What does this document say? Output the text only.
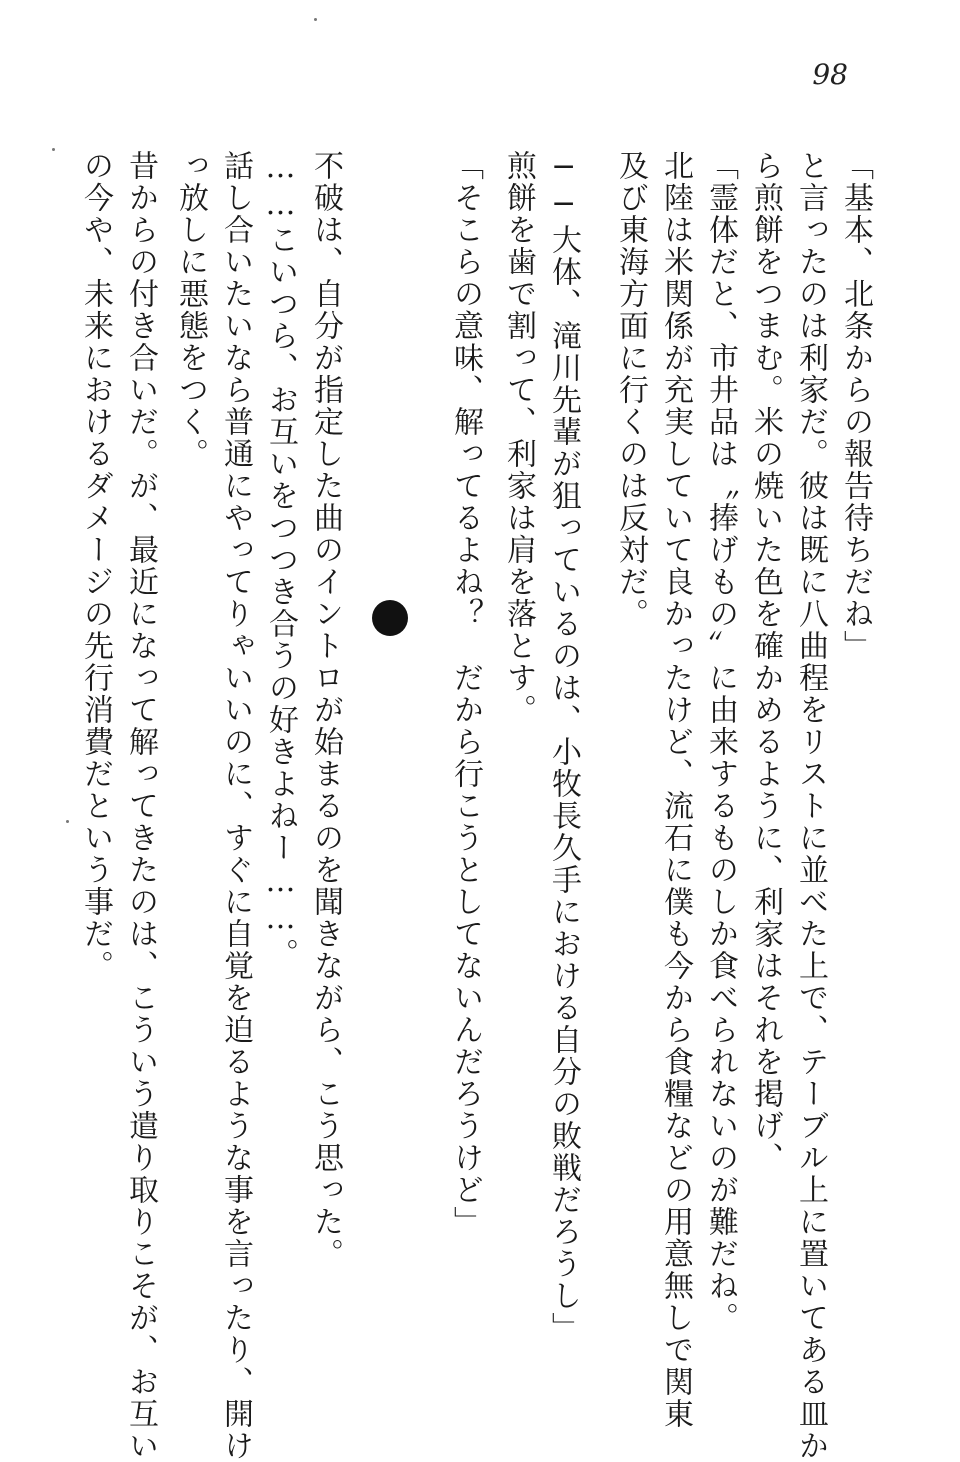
98
「基本、北条からの報告待ちだね」
と言ったのは利家だ。彼は既に八曲程をリストに並べた上で、テーブル上に置いてある皿か
ら煎餅をつまむ。米の焼いた色を確かめるように、利家はそれを掲げ、
「霊体だと、市井品は〝捧げもの〟に由来するものしか食べられないのが難だね。
北陸は米関係が充実していて良かったけど、流石に僕も今から食糧などの用意無しで関東
及び東海方面に行くのは反対だ。
──大体、滝川先輩が狙っているのは、小牧長久手における自分の敗戦だろうし」
煎餅を歯で割って、利家は肩を落とす。
「そこらの意味、解ってるよね？　だから行こうとしてないんだろうけど」
不破は、自分が指定した曲のイントロが始まるのを聞きながら、こう思った。
……こいつら、お互いをつつき合うの好きよねー……。
話し合いたいなら普通にやってりゃいいのに、すぐに自覚を迫るような事を言ったり、開け
っ放しに悪態をつく。
昔からの付き合いだ。が、最近になって解ってきたのは、こういう遣り取りこそが、お互い
の今や、未来におけるダメージの先行消費だという事だ。
